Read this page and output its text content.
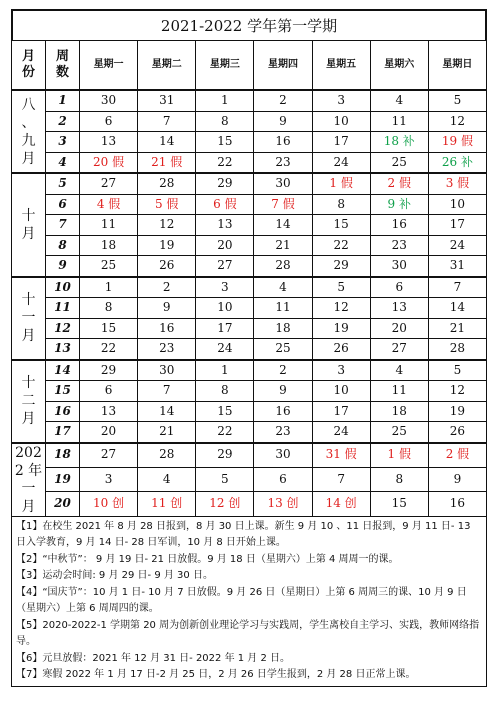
2021-2022 学年第一学期
月
份	周
数	星期一	星期二	星期三	星期四	星期五	星期六	星期日
八
、
九
月	1	30	31	1	2	3	4	5
	2	6	7	8	9	10	11	12
	3	13	14	15	16	17	18 补	19 假
	4	20 假	21 假	22	23	24	25	26 补
十
月	5	27	28	29	30	1 假	2 假	3 假
	6	4 假	5 假	6 假	7 假	8	9 补	10
	7	11	12	13	14	15	16	17
	8	18	19	20	21	22	23	24
	9	25	26	27	28	29	30	31
十
一
月	10	1	2	3	4	5	6	7
	11	8	9	10	11	12	13	14
	12	15	16	17	18	19	20	21
	13	22	23	24	25	26	27	28
十
二
月	14	29	30	1	2	3	4	5
	15	6	7	8	9	10	11	12
	16	13	14	15	16	17	18	19
	17	20	21	22	23	24	25	26
202
2 年
一
月	18	27	28	29	30	31 假	1 假	2 假
	19	3	4	5	6	7	8	9
	20	10 创	11 创	12 创	13 创	14 创	15	16

【1】在校生 2021 年 8 月 28 日报到，8 月 30 日上课。新生 9 月 10 、11 日报到，9 月 11 日- 13 日入学教育，9 月 14 日- 28 日军训，10 月 8 日开始上课。

【2】“中秋节”： 9 月 19 日- 21 日放假。9 月 18 日（星期六）上第 4 周周一的课。

【3】运动会时间: 9 月 29 日- 9 月 30 日。

【4】“国庆节”：10 月 1 日- 10 月 7 日放假。9 月 26 日（星期日）上第 6 周周三的课、10 月 9 日（星期六）上第 6 周周四的课。

【5】2020-2022-1 学期第 20 周为创新创业理论学习与实践周，学生离校自主学习、实践，教师网络指导。

【6】元旦放假：2021 年 12 月 31 日- 2022 年 1 月 2 日。

【7】寒假 2022 年 1 月 17 日-2 月 25 日，2 月 26 日学生报到，2 月 28 日正常上课。
